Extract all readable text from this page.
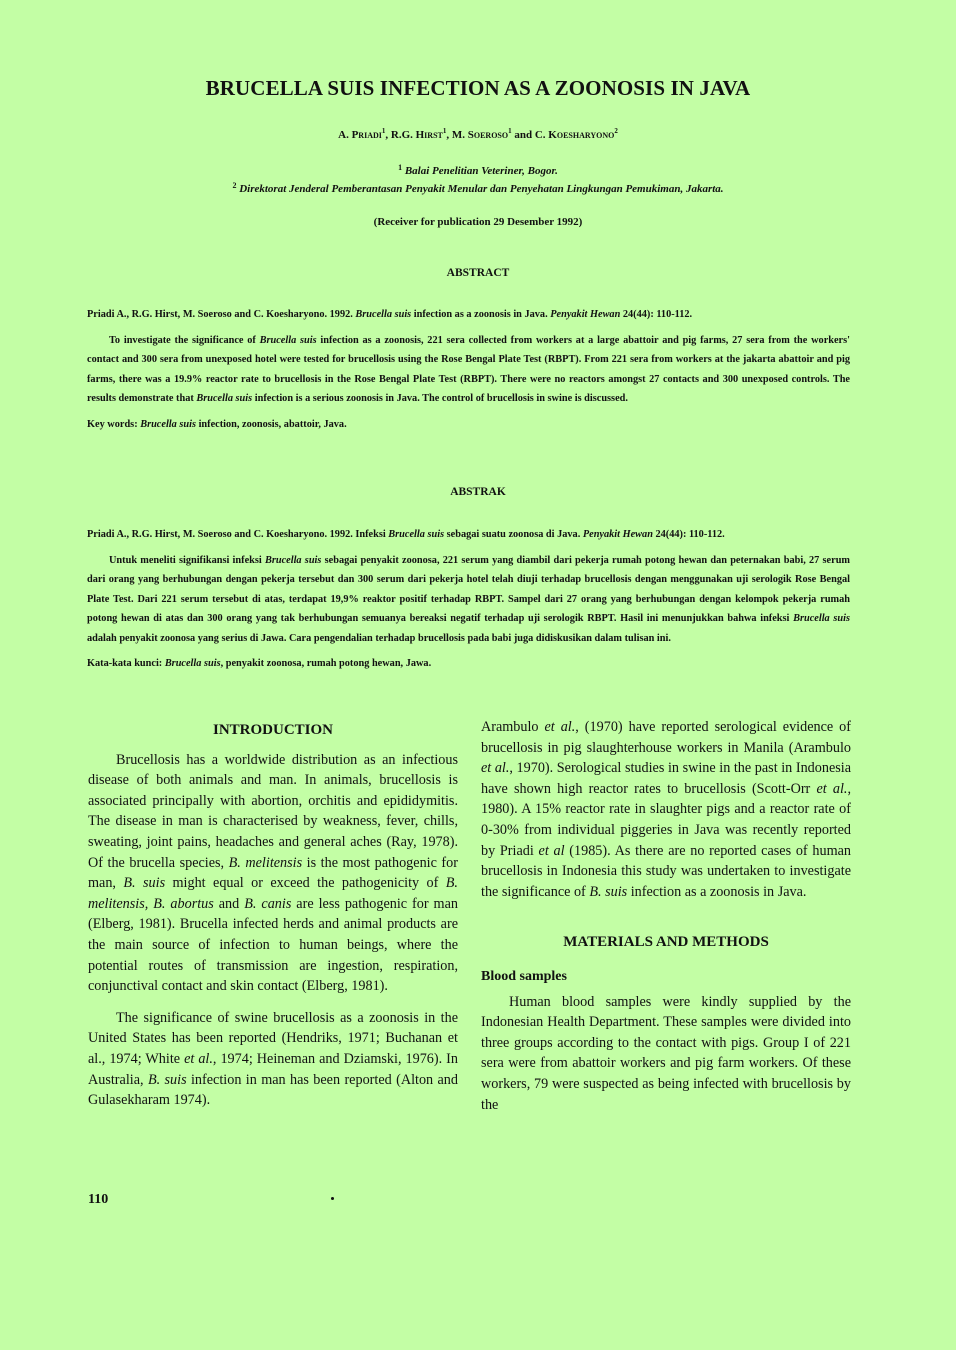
BRUCELLA SUIS INFECTION AS A ZOONOSIS IN JAVA
A. Priadi$^1$, R.G. Hirst$^1$, M. Soeroso$^1$ and C. Koesharyono$^2$
$^1$ Balai Penelitian Veteriner, Bogor.
$^2$ Direktorat Jenderal Pemberantasan Penyakit Menular dan Penyehatan Lingkungan Pemukiman, Jakarta.
(Receiver for publication 29 Desember 1992)
ABSTRACT

Priadi A., R.G. Hirst, M. Soeroso and C. Koesharyono. 1992. Brucella suis infection as a zoonosis in Java. Penyakit Hewan 24(44): 110-112.

To investigate the significance of Brucella suis infection as a zoonosis, 221 sera collected from workers at a large abattoir and pig farms, 27 sera from the workers' contact and 300 sera from unexposed hotel were tested for brucellosis using the Rose Bengal Plate Test (RBPT). From 221 sera from workers at the jakarta abattoir and pig farms, there was a 19.9% reactor rate to brucellosis in the Rose Bengal Plate Test (RBPT). There were no reactors amongst 27 contacts and 300 unexposed controls. The results demonstrate that Brucella suis infection is a serious zoonosis in Java. The control of brucellosis in swine is discussed.

Key words: Brucella suis infection, zoonosis, abattoir, Java.

ABSTRAK

Priadi A., R.G. Hirst, M. Soeroso and C. Koesharyono. 1992. Infeksi Brucella suis sebagai suatu zoonosa di Java. Penyakit Hewan 24(44): 110-112.

Untuk meneliti signifikansi infeksi Brucella suis sebagai penyakit zoonosa, 221 serum yang diambil dari pekerja rumah potong hewan dan peternakan babi, 27 serum dari orang yang berhubungan dengan pekerja tersebut dan 300 serum dari pekerja hotel telah diuji terhadap brucellosis dengan menggunakan uji serologik Rose Bengal Plate Test. Dari 221 serum tersebut di atas, terdapat 19,9% reaktor positif terhadap RBPT. Sampel dari 27 orang yang berhubungan dengan kelompok pekerja rumah potong hewan di atas dan 300 orang yang tak berhubungan semuanya bereaksi negatif terhadap uji serologik RBPT. Hasil ini menunjukkan bahwa infeksi Brucella suis adalah penyakit zoonosa yang serius di Jawa. Cara pengendalian terhadap brucellosis pada babi juga didiskusikan dalam tulisan ini.

Kata-kata kunci: Brucella suis, penyakit zoonosa, rumah potong hewan, Jawa.

INTRODUCTION

Brucellosis has a worldwide distribution as an infectious disease of both animals and man. In animals, brucellosis is associated principally with abortion, orchitis and epididymitis. The disease in man is characterised by weakness, fever, chills, sweating, joint pains, headaches and general aches (Ray, 1978). Of the brucella species, B. melitensis is the most pathogenic for man, B. suis might equal or exceed the pathogenicity of B. melitensis, B. abortus and B. canis are less pathogenic for man (Elberg, 1981). Brucella infected herds and animal products are the main source of infection to human beings, where the potential routes of transmission are ingestion, respiration, conjunctival contact and skin contact (Elberg, 1981).

The significance of swine brucellosis as a zoonosis in the United States has been reported (Hendriks, 1971; Buchanan et al., 1974; White et al., 1974; Heineman and Dziamski, 1976). In Australia, B. suis infection in man has been reported (Alton and Gulasekharam 1974).

Arambulo et al., (1970) have reported serological evidence of brucellosis in pig slaughterhouse workers in Manila (Arambulo et al., 1970). Serological studies in swine in the past in Indonesia have shown high reactor rates to brucellosis (Scott-Orr et al., 1980). A 15% reactor rate in slaughter pigs and a reactor rate of 0-30% from individual piggeries in Java was recently reported by Priadi et al (1985). As there are no reported cases of human brucellosis in Indonesia this study was undertaken to investigate the significance of B. suis infection as a zoonosis in Java.

MATERIALS AND METHODS
Blood samples

Human blood samples were kindly supplied by the Indonesian Health Department. These samples were divided into three groups according to the contact with pigs. Group I of 221 sera were from abattoir workers and pig farm workers. Of these workers, 79 were suspected as being infected with brucellosis by the

110
